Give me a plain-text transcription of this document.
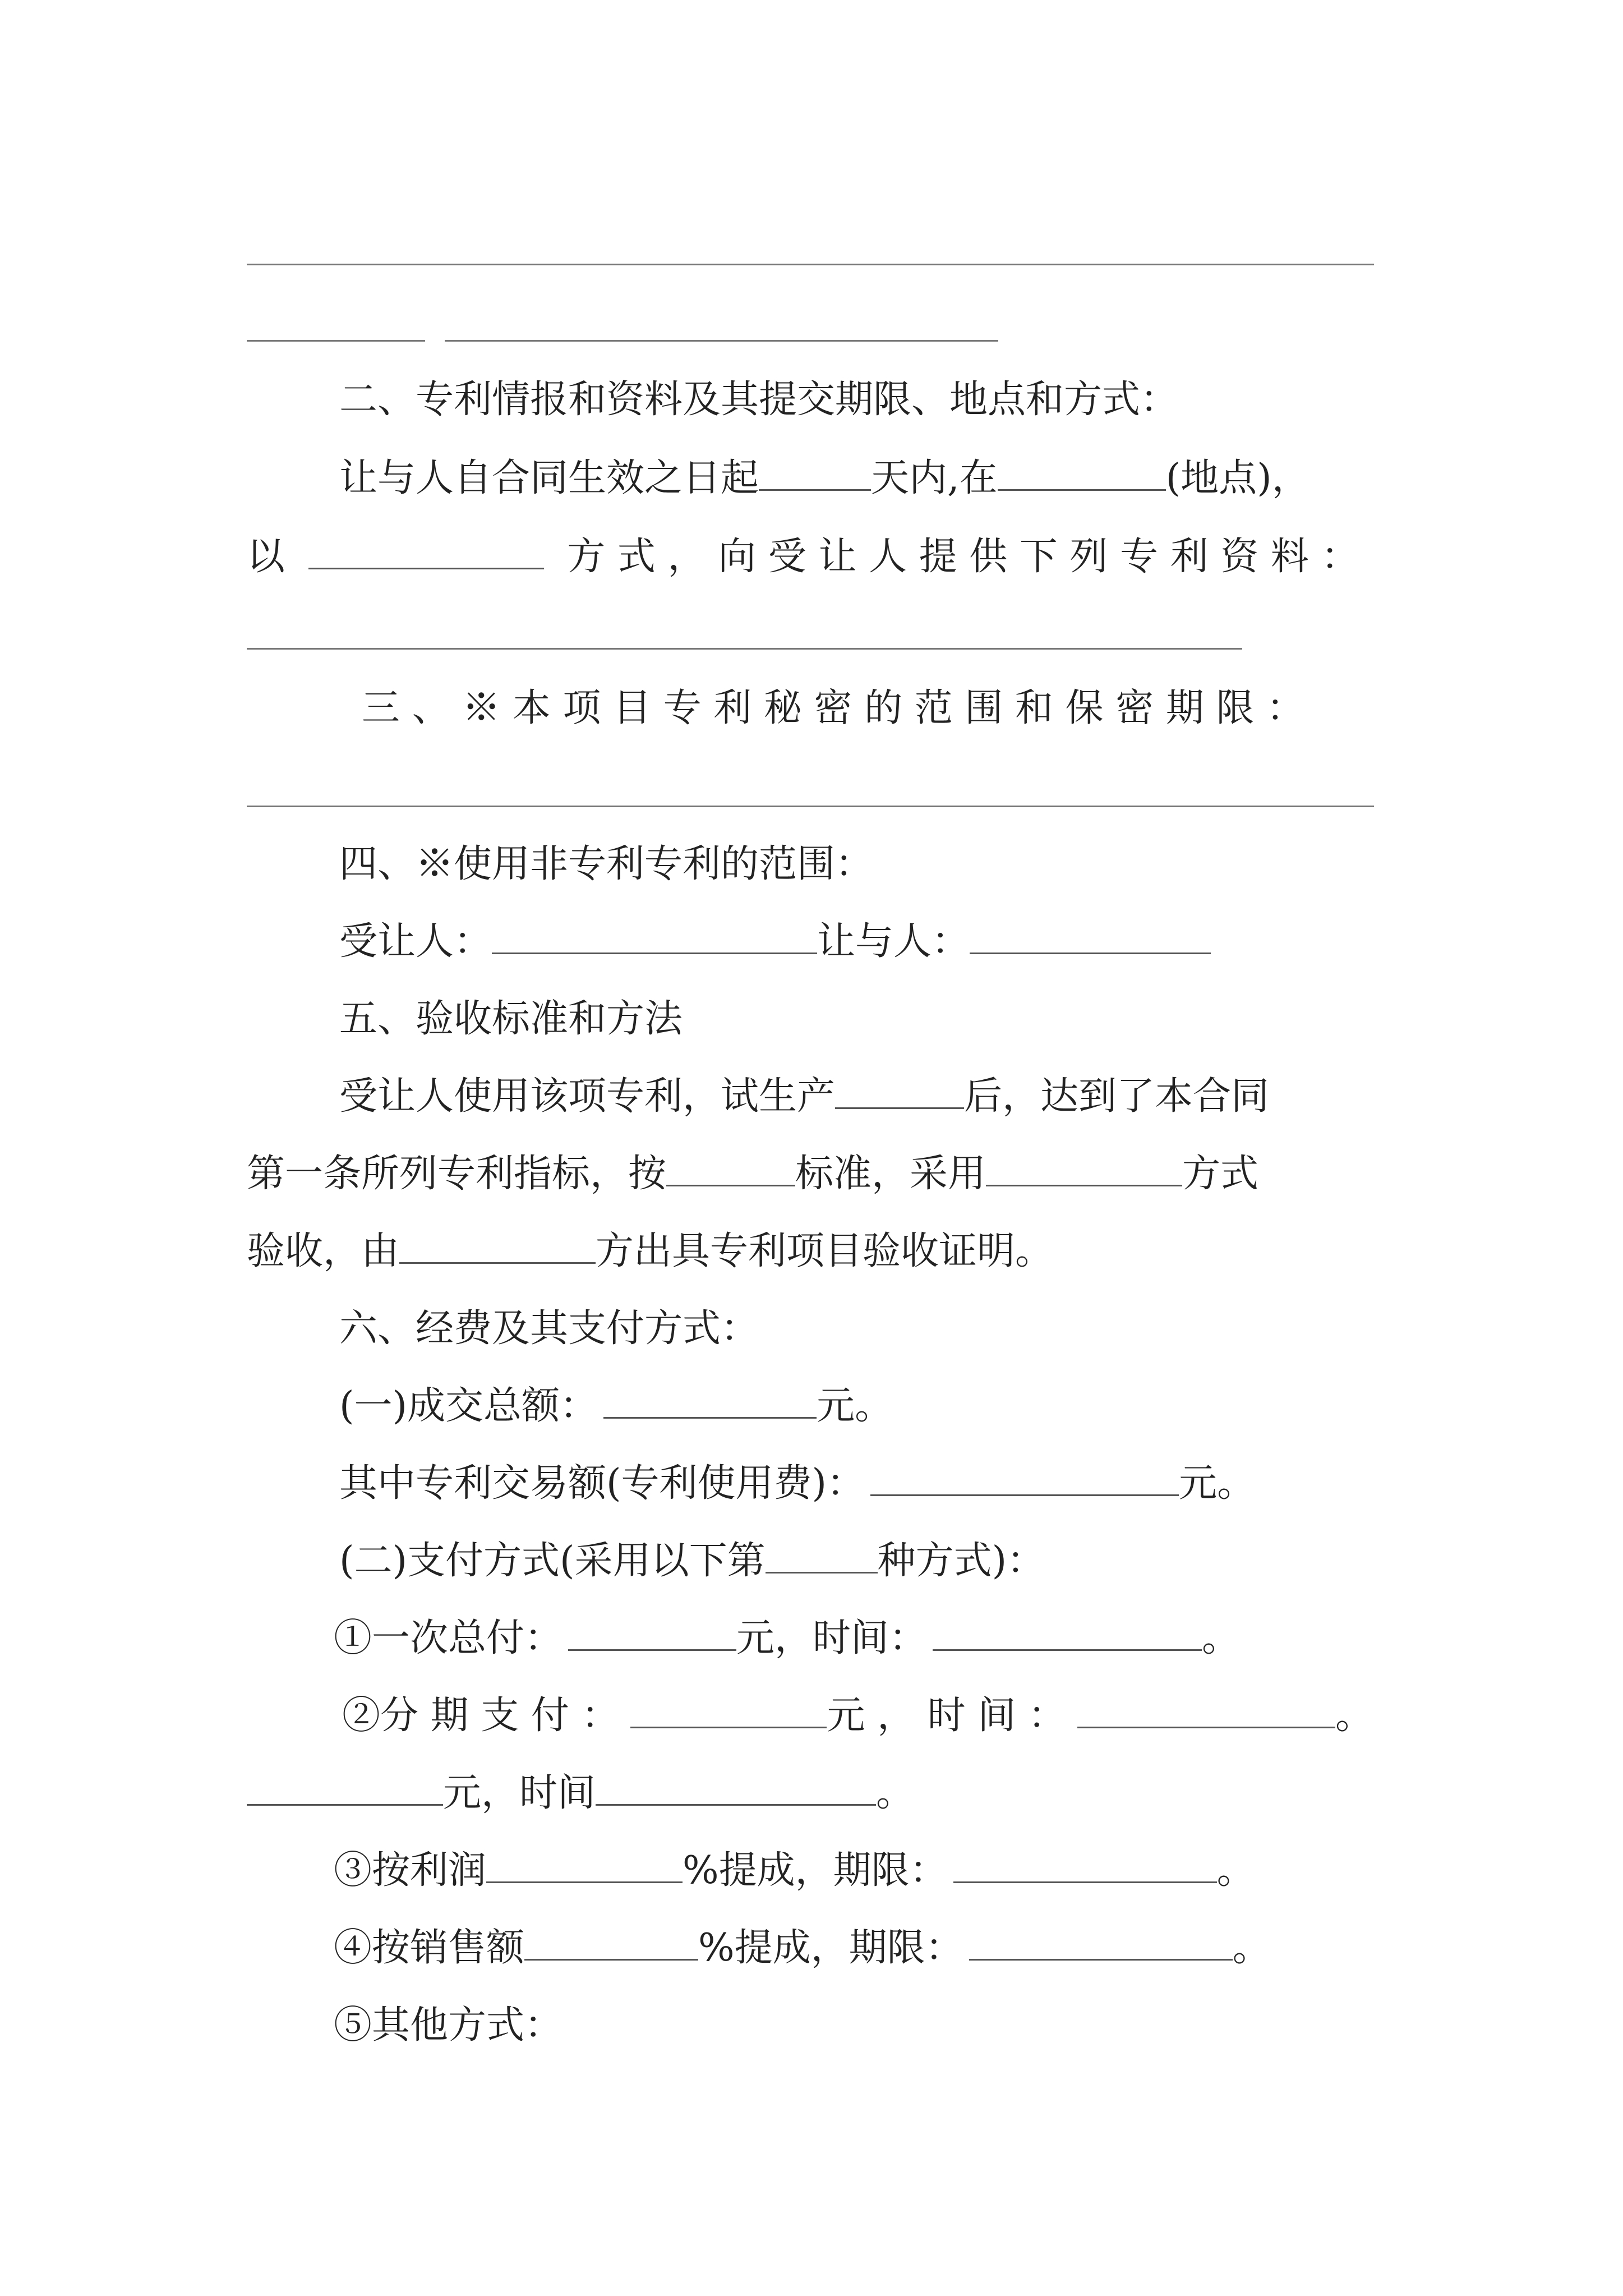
二、专利情报和资料及其提交期限、地点和方式：
让与人自合同生效之日起	天内,在	(地点)，
以	方 式 ， 向 受 让 人 提 供 下 列 专 利 资 料 ：
三 、 ※ 本 项 目 专 利 秘 密 的 范 围 和 保 密 期 限 ：
四、※使用非专利专利的范围：
受让人：	让与人：
五、验收标准和方法
受让人使用该项专利，试生产	后，达到了本合同
第一条所列专利指标，按	标准，采用	方式
验收，由	方出具专利项目验收证明。
六、经费及其支付方式：
(一)成交总额：	元。
其中专利交易额(专利使用费)：	元。
(二)支付方式(采用以下第	种方式)：
①一次总付：	元，时间：	。
②分 期 支 付 ：	元 ， 时 间 ：	。
元，时间	。
③按利润	%提成，期限：	。
④按销售额	%提成，期限：	。
⑤其他方式：
